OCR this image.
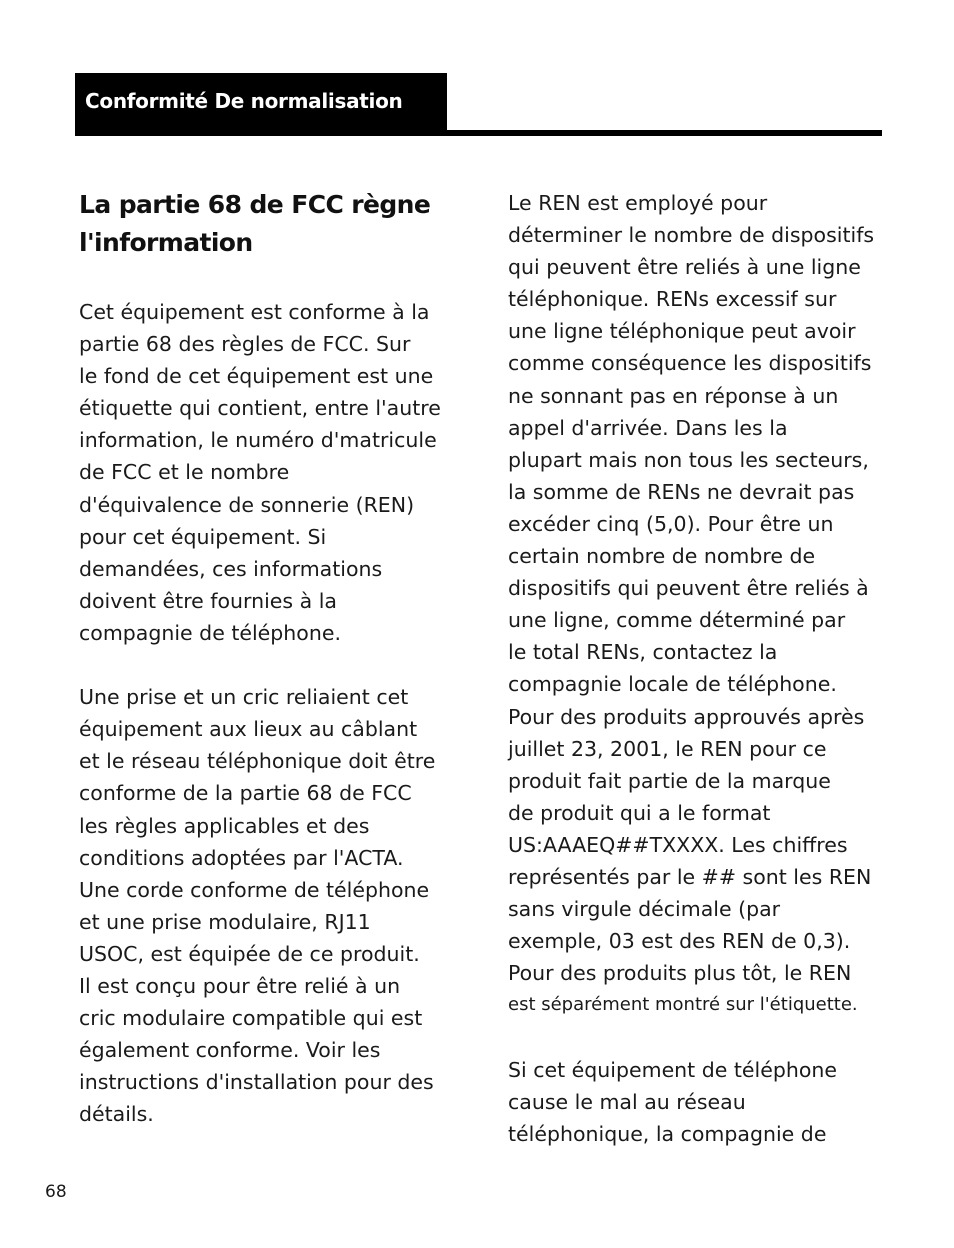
Conformité De normalisation
La partie 68 de FCC règne
l'information

Cet équipement est conforme à la
partie 68 des règles de FCC. Sur
le fond de cet équipement est une
étiquette qui contient, entre l'autre
information, le numéro d'matricule
de FCC et le nombre
d'équivalence de sonnerie (REN)
pour cet équipement. Si
demandées, ces informations
doivent être fournies à la
compagnie de téléphone.

Une prise et un cric reliaient cet
équipement aux lieux au câblant
et le réseau téléphonique doit être
conforme de la partie 68 de FCC
les règles applicables et des
conditions adoptées par l'ACTA.
Une corde conforme de téléphone
et une prise modulaire, RJ11
USOC, est équipée de ce produit.
Il est conçu pour être relié à un
cric modulaire compatible qui est
également conforme. Voir les
instructions d'installation pour des
détails.

Le REN est employé pour
déterminer le nombre de dispositifs
qui peuvent être reliés à une ligne
téléphonique. RENs excessif sur
une ligne téléphonique peut avoir
comme conséquence les dispositifs
ne sonnant pas en réponse à un
appel d'arrivée. Dans les la
plupart mais non tous les secteurs,
la somme de RENs ne devrait pas
excéder cinq (5,0). Pour être un
certain nombre de nombre de
dispositifs qui peuvent être reliés à
une ligne, comme déterminé par
le total RENs, contactez la
compagnie locale de téléphone.
Pour des produits approuvés après
juillet 23, 2001, le REN pour ce
produit fait partie de la marque
de produit qui a le format
US:AAAEQ##TXXXX. Les chiffres
représentés par le ## sont les REN
sans virgule décimale (par
exemple, 03 est des REN de 0,3).
Pour des produits plus tôt, le REN
est séparément montré sur l'étiquette.

Si cet équipement de téléphone
cause le mal au réseau
téléphonique, la compagnie de

68
